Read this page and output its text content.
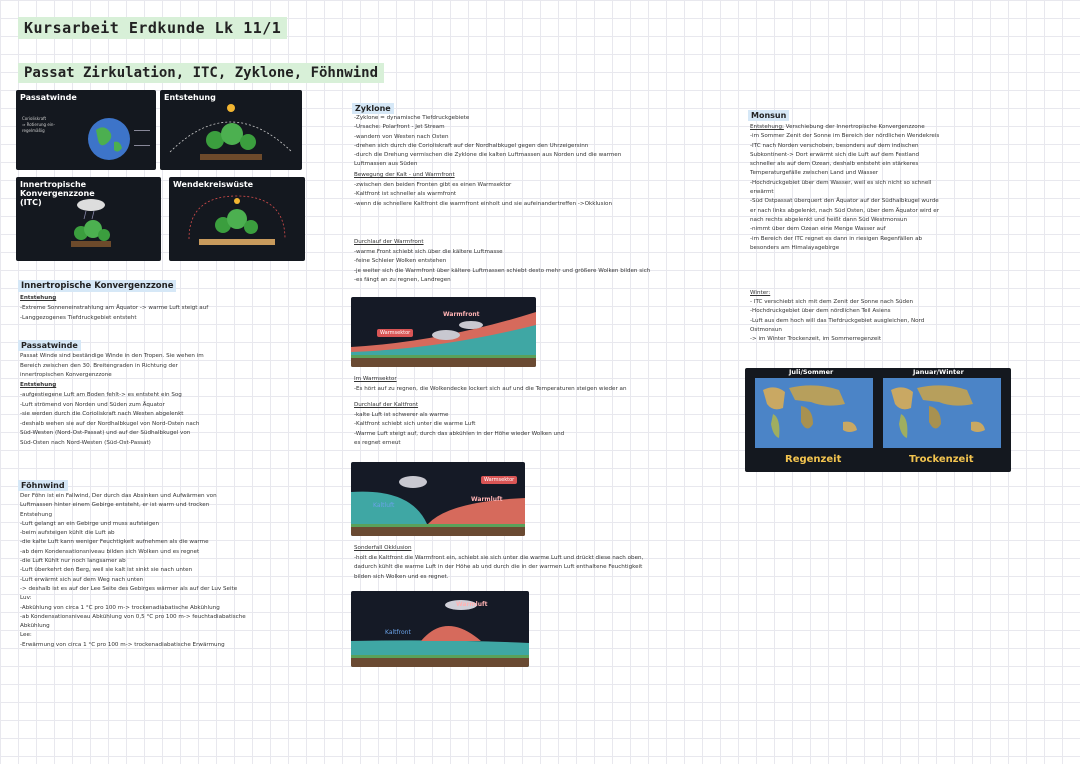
Kursarbeit Erdkunde Lk 11/1
Passat Zirkulation, ITC, Zyklone, Föhnwind
Passatwinde
Corioliskraft
⇒ Rotierung ein-
regelmäßig
Entstehung
Innertropische Konvergenzzone
(ITC)
Wendekreiswüste
Innertropische Konvergenzzone
Entstehung
-Extreme Sonneneinstrahlung am Äquator -> warme Luft steigt auf
-Langgezogenes Tiefdruckgebiet entsteht
Passatwinde
Passat Winde sind beständige Winde in den Tropen. Sie wehen im
Bereich zwischen den 30. Breitengraden in Richtung der
innertropischen Konvergenzzone
Entstehung
-aufgestiegene Luft am Boden fehlt-> es entsteht ein Sog
-Luft strömend von Norden und Süden zum Äquator
-sie werden durch die Corioliskraft nach Westen abgelenkt
-deshalb wehen sie auf der Nordhalbkugel von Nord-Osten nach
Süd-Westen (Nord-Ost-Passat) und auf der Südhalbkugel von
Süd-Osten nach Nord-Westen (Süd-Ost-Passat)
Föhnwind
Der Föhn ist ein Fallwind, Der durch das Absinken und Aufwärmen von
Luftmassen hinter einem Gebirge entsteht, er ist warm und trocken
Entstehung
-Luft gelangt an ein Gebirge und muss aufsteigen
-beim aufsteigen kühlt die Luft ab
-die kalte Luft kann weniger Feuchtigkeit aufnehmen als die warme
-ab dem Kondensationsniveau bilden sich Wolken und es regnet
-die Luft Kühlt nur noch langsamer ab
-Luft überkehrt den Berg, weil sie kalt ist sinkt sie nach unten
-Luft erwärmt sich auf dem Weg nach unten
-> deshalb ist es auf der Lee Seite des Gebirges wärmer als auf der Luv Seite
Luv:
-Abkühlung von circa 1 °C pro 100 m-> trockenadiabatische Abkühlung
-ab Kondensationsniveau Abkühlung von 0,5 °C pro 100 m-> feuchtadiabatische
Abkühlung
Lee:
-Erwärmung von circa 1 °C pro 100 m-> trockenadiabatische Erwärmung
Zyklone
-Zyklone = dynamische Tiefdruckgebiete
-Ursache: Polarfront - Jet Stream
-wandern von Westen nach Osten
-drehen sich durch die Corioliskraft auf der Nordhalbkugel gegen den Uhrzeigersinn
-durch die Drehung vermischen die Zyklone die kalten Luftmassen aus Norden und die warmen
Luftmassen aus Süden
Bewegung der Kalt - und Warmfront
-zwischen den beiden Fronten gibt es einen Warmsektor
-Kaltfront ist schneller als warmfront
-wenn die schnellere Kaltfront die warmfront einholt und sie aufeinandertreffen ->Okklusion
Durchlauf der Warmfront
-warme Front schiebt sich über die kältere Luftmasse
-feine Schleier Wolken entstehen
-je weiter sich die Warmfront über kältere Luftmassen schiebt desto mehr und größere Wolken bilden sich
-es fängt an zu regnen, Landregen
Warmfront
Warmsektor
Im Warmsektor
-Es hört auf zu regnen, die Wolkendecke lockert sich auf und die Temperaturen steigen wieder an
Durchlauf der Kaltfront
-kalte Luft ist schwerer als warme
-Kaltfront schiebt sich unter die warme Luft
-Warme Luft steigt auf, durch das abkühlen in der Höhe wieder Wolken und
es regnet erneut
Warmsektor
Warmluft
Kaltluft
Sonderfall Okklusion
-holt die Kaltfront die Warmfront ein, schiebt sie sich unter die warme Luft und drückt diese nach oben,
dadurch kühlt die warme Luft in der Höhe ab und durch die in der warmen Luft enthaltene Feuchtigkeit
bilden sich Wolken und es regnet.
Warmluft
Kaltfront
Monsun
Entstehung: Verschiebung der Innertropische Konvergenzzone
-im Sommer Zenit der Sonne im Bereich der nördlichen Wendekreis
-ITC nach Norden verschoben, besonders auf dem indischen
Subkontinent-> Dort erwärmt sich die Luft auf dem Festland
schneller als auf dem Ozean, deshalb entsteht ein stärkeres
Temperaturgefälle zwischen Land und Wasser
-Hochdruckgebiet über dem Wasser, weil es sich nicht so schnell
erwärmt
-Süd Ostpassat überquert den Äquator auf der Südhalbkugel wurde
er nach links abgelenkt, nach Süd Osten, über dem Äquator wird er
nach rechts abgelenkt und heißt dann Süd Westmonsun
-nimmt über dem Ozean eine Menge Wasser auf
-im Bereich der ITC regnet es dann in riesigen Regenfällen ab
besonders am Himalayagebirge
Winter:
- ITC verschiebt sich mit dem Zenit der Sonne nach Süden
-Hochdruckgebiet über dem nördlichen Teil Asiens
-Luft aus dem hoch will das Tiefdruckgebiet ausgleichen, Nord
Ostmonsun
-> im Winter Trockenzeit, im Sommerregenzeit
Juli/Sommer	Januar/Winter
Regenzeit	Trockenzeit
